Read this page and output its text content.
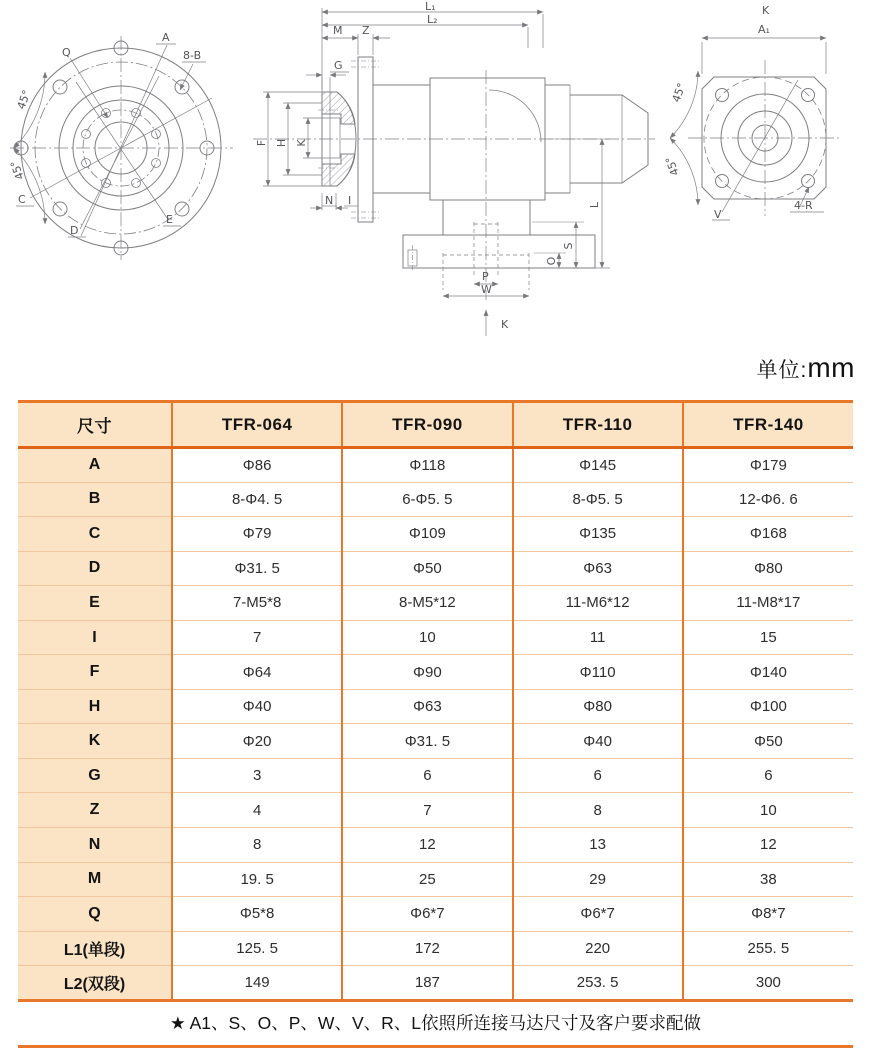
Q
A
8-B
C
D
E
45°
45°
L₁
L₂
M Z
G
F H K
N I	L
S
O
P
W
K
K
A₁
V
4-R
45°
45°
单位:mm
尺寸	TFR-064	TFR-090	TFR-110	TFR-140
A	Φ86	Φ118	Φ145	Φ179
B	8-Φ4. 5	6-Φ5. 5	8-Φ5. 5	12-Φ6. 6
C	Φ79	Φ109	Φ135	Φ168
D	Φ31. 5	Φ50	Φ63	Φ80
E	7-M5*8	8-M5*12	11-M6*12	11-M8*17
I	7	10	11	15
F	Φ64	Φ90	Φ110	Φ140
H	Φ40	Φ63	Φ80	Φ100
K	Φ20	Φ31. 5	Φ40	Φ50
G	3	6	6	6
Z	4	7	8	10
N	8	12	13	12
M	19. 5	25	29	38
Q	Φ5*8	Φ6*7	Φ6*7	Φ8*7
L1(单段)	125. 5	172	220	255. 5
L2(双段)	149	187	253. 5	300
★ A1、S、O、P、W、V、R、L依照所连接马达尺寸及客户要求配做
